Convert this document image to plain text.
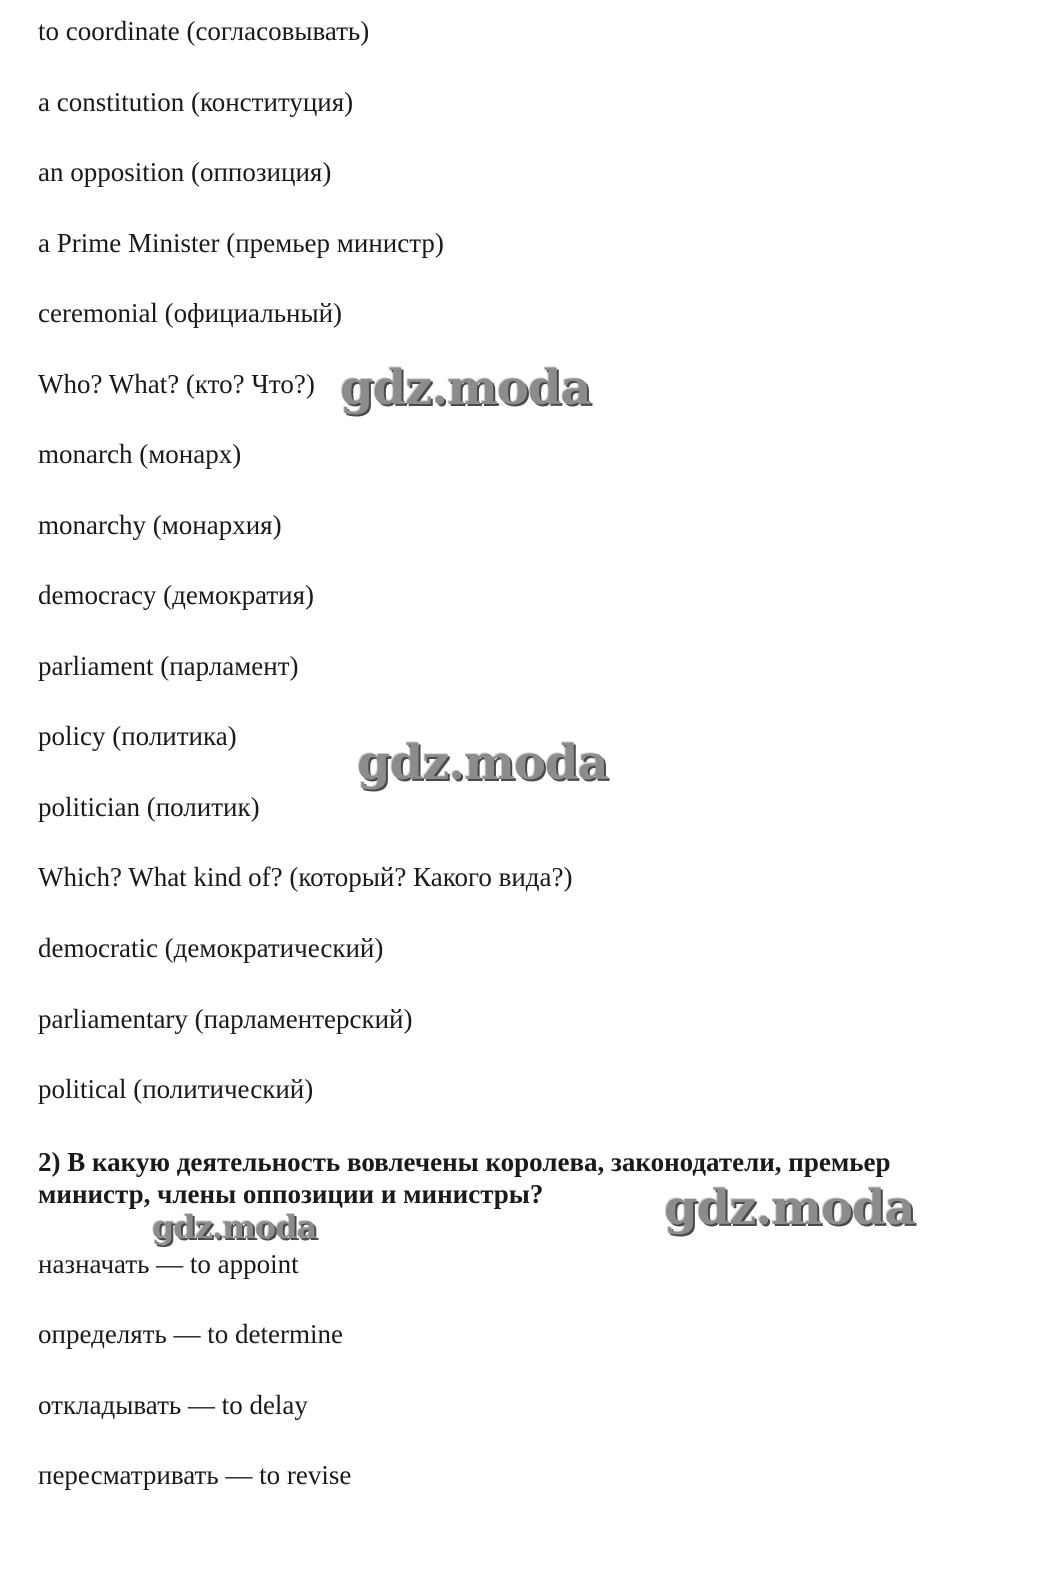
to coordinate (согласовывать)
a constitution (конституция)
an opposition (оппозиция)
a Prime Minister (премьер министр)
ceremonial (официальный)
Who? What? (кто? Что?)
monarch (монарх)
monarchy (монархия)
democracy (демократия)
parliament (парламент)
policy (политика)
politician (политик)
Which? What kind of? (который? Какого вида?)
democratic (демократический)
parliamentary (парламентерский)
political (политический)
2) В какую деятельность вовлечены королева, законодатели, премьер министр, члены оппозиции и министры?
назначать — to appoint
определять — to determine
откладывать — to delay
пересматривать — to revise
gdz.moda
gdz.moda
gdz.moda	gdz.moda
